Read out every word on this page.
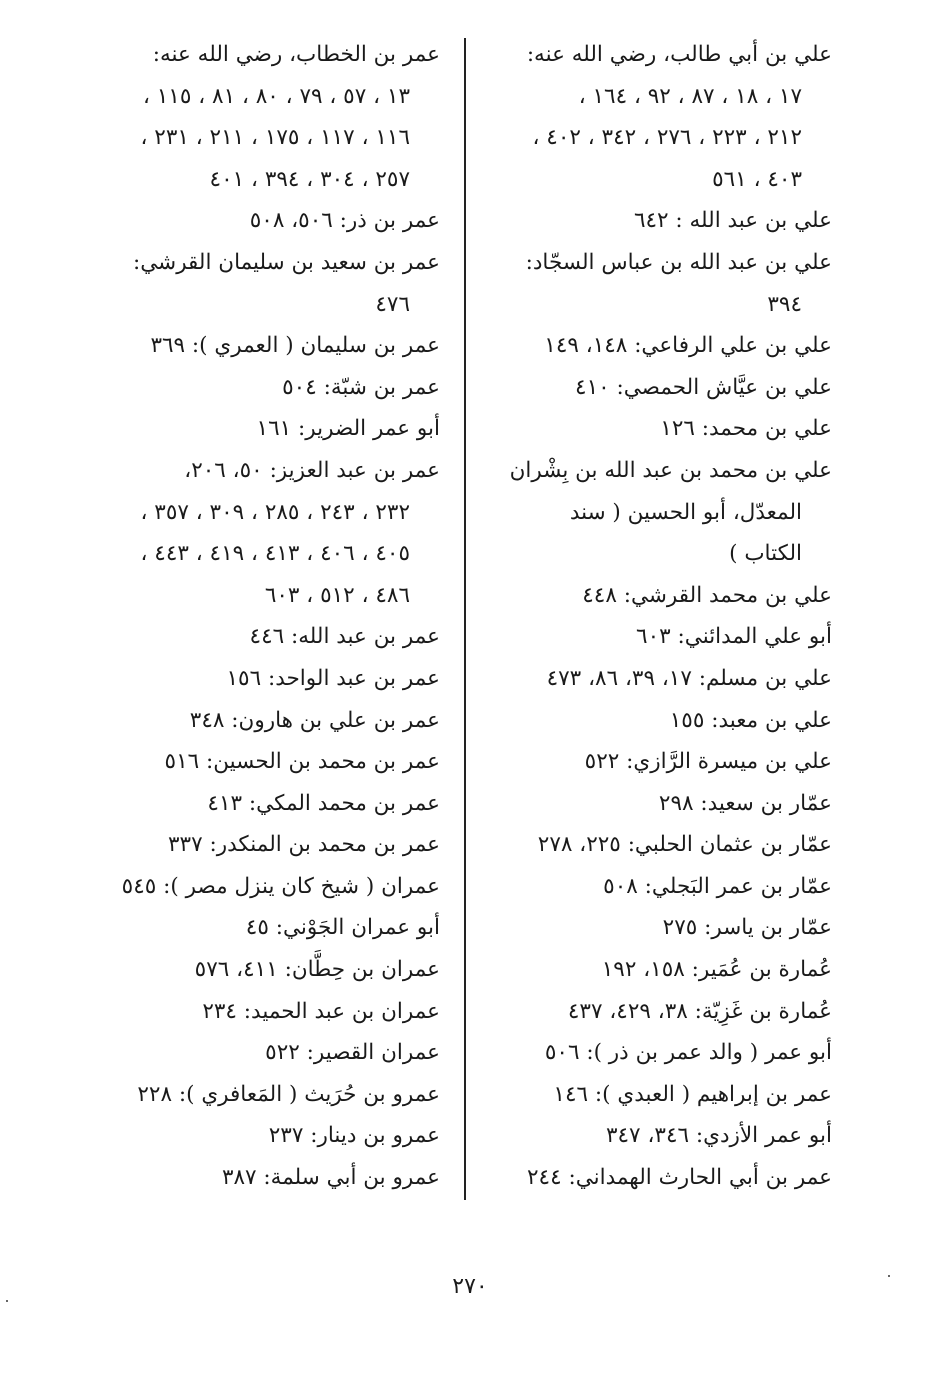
علي بن أبي طالب، رضي الله عنه:

١٧ ، ١٨ ، ٨٧ ، ٩٢ ، ١٦٤ ،
٢١٢ ، ٢٢٣ ، ٢٧٦ ، ٣٤٢ ، ٤٠٢ ،
٤٠٣ ، ٥٦١
علي بن عبد الله : ٦٤٢
علي بن عبد الله بن عباس السجّاد:

٣٩٤
علي بن علي الرفاعي: ١٤٨، ١٤٩
علي بن عيَّاش الحمصي: ٤١٠
علي بن محمد: ١٢٦
علي بن محمد بن عبد الله بن بِشْران

المعدّل، أبو الحسين ( سند
الكتاب )
علي بن محمد القرشي: ٤٤٨
أبو علي المدائني: ٦٠٣
علي بن مسلم: ١٧، ٣٩، ٨٦، ٤٧٣
علي بن معبد: ١٥٥
علي بن ميسرة الرَّازي: ٥٢٢
عمّار بن سعيد: ٢٩٨
عمّار بن عثمان الحلبي: ٢٢٥، ٢٧٨
عمّار بن عمر البَجلي: ٥٠٨
عمّار بن ياسر: ٢٧٥
عُمارة بن عُمَير: ١٥٨، ١٩٢
عُمارة بن غَزِيّة: ٣٨، ٤٢٩، ٤٣٧
أبو عمر ( والد عمر بن ذر ): ٥٠٦
عمر بن إبراهيم ( العبدي ): ١٤٦
أبو عمر الأزدي: ٣٤٦، ٣٤٧
عمر بن أبي الحارث الهمداني: ٢٤٤
عمر بن الخطاب، رضي الله عنه:

١٣ ، ٥٧ ، ٧٩ ، ٨٠ ، ٨١ ، ١١٥ ،
١١٦ ، ١١٧ ، ١٧٥ ، ٢١١ ، ٢٣١ ،
٢٥٧ ، ٣٠٤ ، ٣٩٤ ، ٤٠١
عمر بن ذر: ٥٠٦، ٥٠٨
عمر بن سعيد بن سليمان القرشي:

٤٧٦
عمر بن سليمان ( العمري ): ٣٦٩
عمر بن شبّة: ٥٠٤
أبو عمر الضرير: ١٦١
عمر بن عبد العزيز: ٥٠، ٢٠٦،

٢٣٢ ، ٢٤٣ ، ٢٨٥ ، ٣٠٩ ، ٣٥٧ ،
٤٠٥ ، ٤٠٦ ، ٤١٣ ، ٤١٩ ، ٤٤٣ ،
٤٨٦ ، ٥١٢ ، ٦٠٣
عمر بن عبد الله: ٤٤٦
عمر بن عبد الواحد: ١٥٦
عمر بن علي بن هارون: ٣٤٨
عمر بن محمد بن الحسين: ٥١٦
عمر بن محمد المكي: ٤١٣
عمر بن محمد بن المنكدر: ٣٣٧
عمران ( شيخ كان ينزل مصر ): ٥٤٥
أبو عمران الجَوْني: ٤٥
عمران بن حِطَّان: ٤١١، ٥٧٦
عمران بن عبد الحميد: ٢٣٤
عمران القصير: ٥٢٢
عمرو بن حُرَيث ( المَعافري ): ٢٢٨
عمرو بن دينار: ٢٣٧
عمرو بن أبي سلمة: ٣٨٧
٢٧٠
